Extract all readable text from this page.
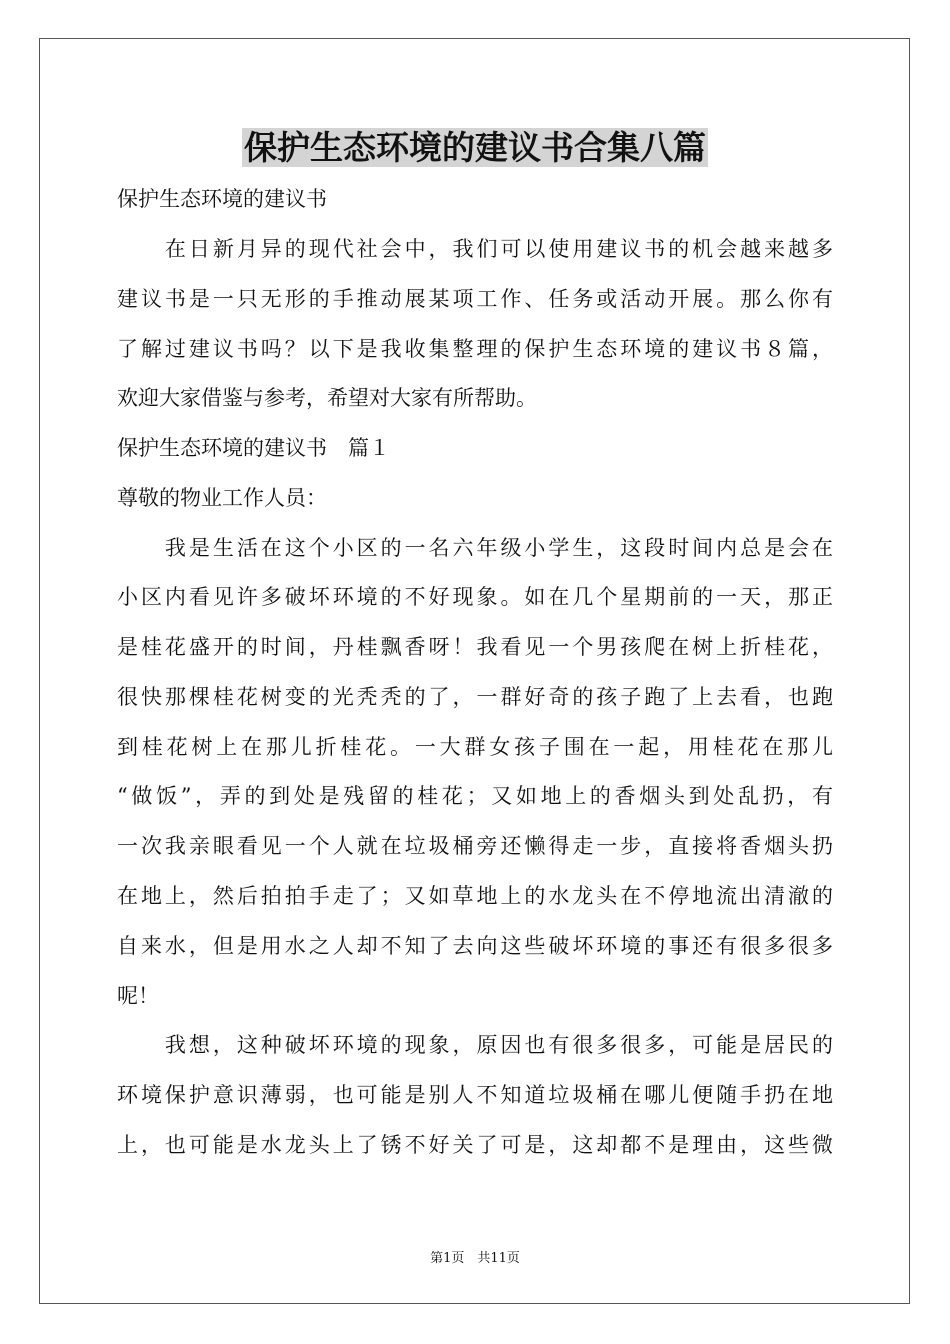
保护生态环境的建议书合集八篇
保护生态环境的建议书
　　在日新月异的现代社会中，我们可以使用建议书的机会越来越多
建议书是一只无形的手推动展某项工作、任务或活动开展。那么你有
了解过建议书吗？以下是我收集整理的保护生态环境的建议书８篇，
欢迎大家借鉴与参考，希望对大家有所帮助。
保护生态环境的建议书　篇１
尊敬的物业工作人员：
　　我是生活在这个小区的一名六年级小学生，这段时间内总是会在
小区内看见许多破坏环境的不好现象。如在几个星期前的一天，那正
是桂花盛开的时间，丹桂飘香呀！我看见一个男孩爬在树上折桂花，
很快那棵桂花树变的光秃秃的了，一群好奇的孩子跑了上去看，也跑
到桂花树上在那儿折桂花。一大群女孩子围在一起，用桂花在那儿
“做饭”，弄的到处是残留的桂花；又如地上的香烟头到处乱扔，有
一次我亲眼看见一个人就在垃圾桶旁还懒得走一步，直接将香烟头扔
在地上，然后拍拍手走了；又如草地上的水龙头在不停地流出清澈的
自来水，但是用水之人却不知了去向这些破坏环境的事还有很多很多
呢！
　　我想，这种破坏环境的现象，原因也有很多很多，可能是居民的
环境保护意识薄弱，也可能是别人不知道垃圾桶在哪儿便随手扔在地
上，也可能是水龙头上了锈不好关了可是，这却都不是理由，这些微
第1页　共11页
